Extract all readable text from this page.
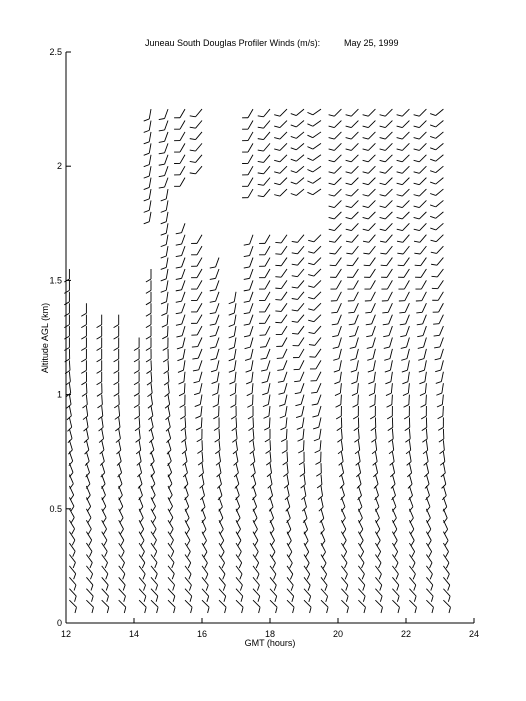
Juneau South Douglas Profiler Winds (m/s):	May 25, 1999
12	14	16	18	20	22	24
0
0.5
1
1.5
2
2.5
GMT (hours)
Altitude AGL (km)
